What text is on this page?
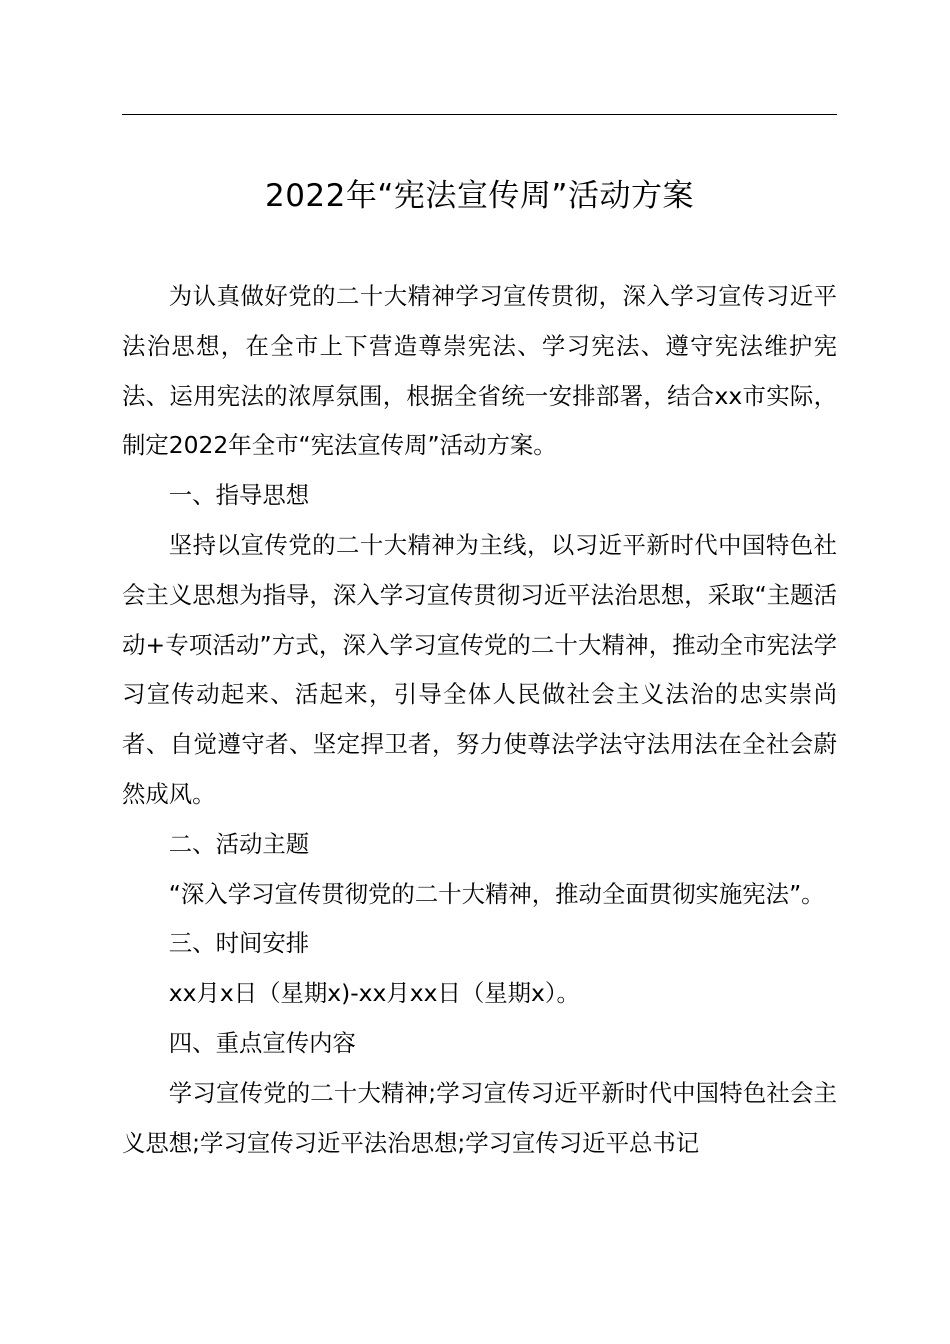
2022年“宪法宣传周”活动方案

为认真做好党的二十大精神学习宣传贯彻，深入学习宣传习近平法治思想，在全市上下营造尊崇宪法、学习宪法、遵守宪法维护宪法、运用宪法的浓厚氛围，根据全省统一安排部署，结合xx市实际，制定2022年全市“宪法宣传周”活动方案。

一、指导思想

坚持以宣传党的二十大精神为主线，以习近平新时代中国特色社会主义思想为指导，深入学习宣传贯彻习近平法治思想，采取“主题活动+专项活动”方式，深入学习宣传党的二十大精神，推动全市宪法学习宣传动起来、活起来，引导全体人民做社会主义法治的忠实崇尚者、自觉遵守者、坚定捍卫者，努力使尊法学法守法用法在全社会蔚然成风。

二、活动主题

“深入学习宣传贯彻党的二十大精神，推动全面贯彻实施宪法”。

三、时间安排

xx月x日（星期x)-xx月xx日（星期x）。

四、重点宣传内容

学习宣传党的二十大精神;学习宣传习近平新时代中国特色社会主义思想;学习宣传习近平法治思想;学习宣传习近平总书记
